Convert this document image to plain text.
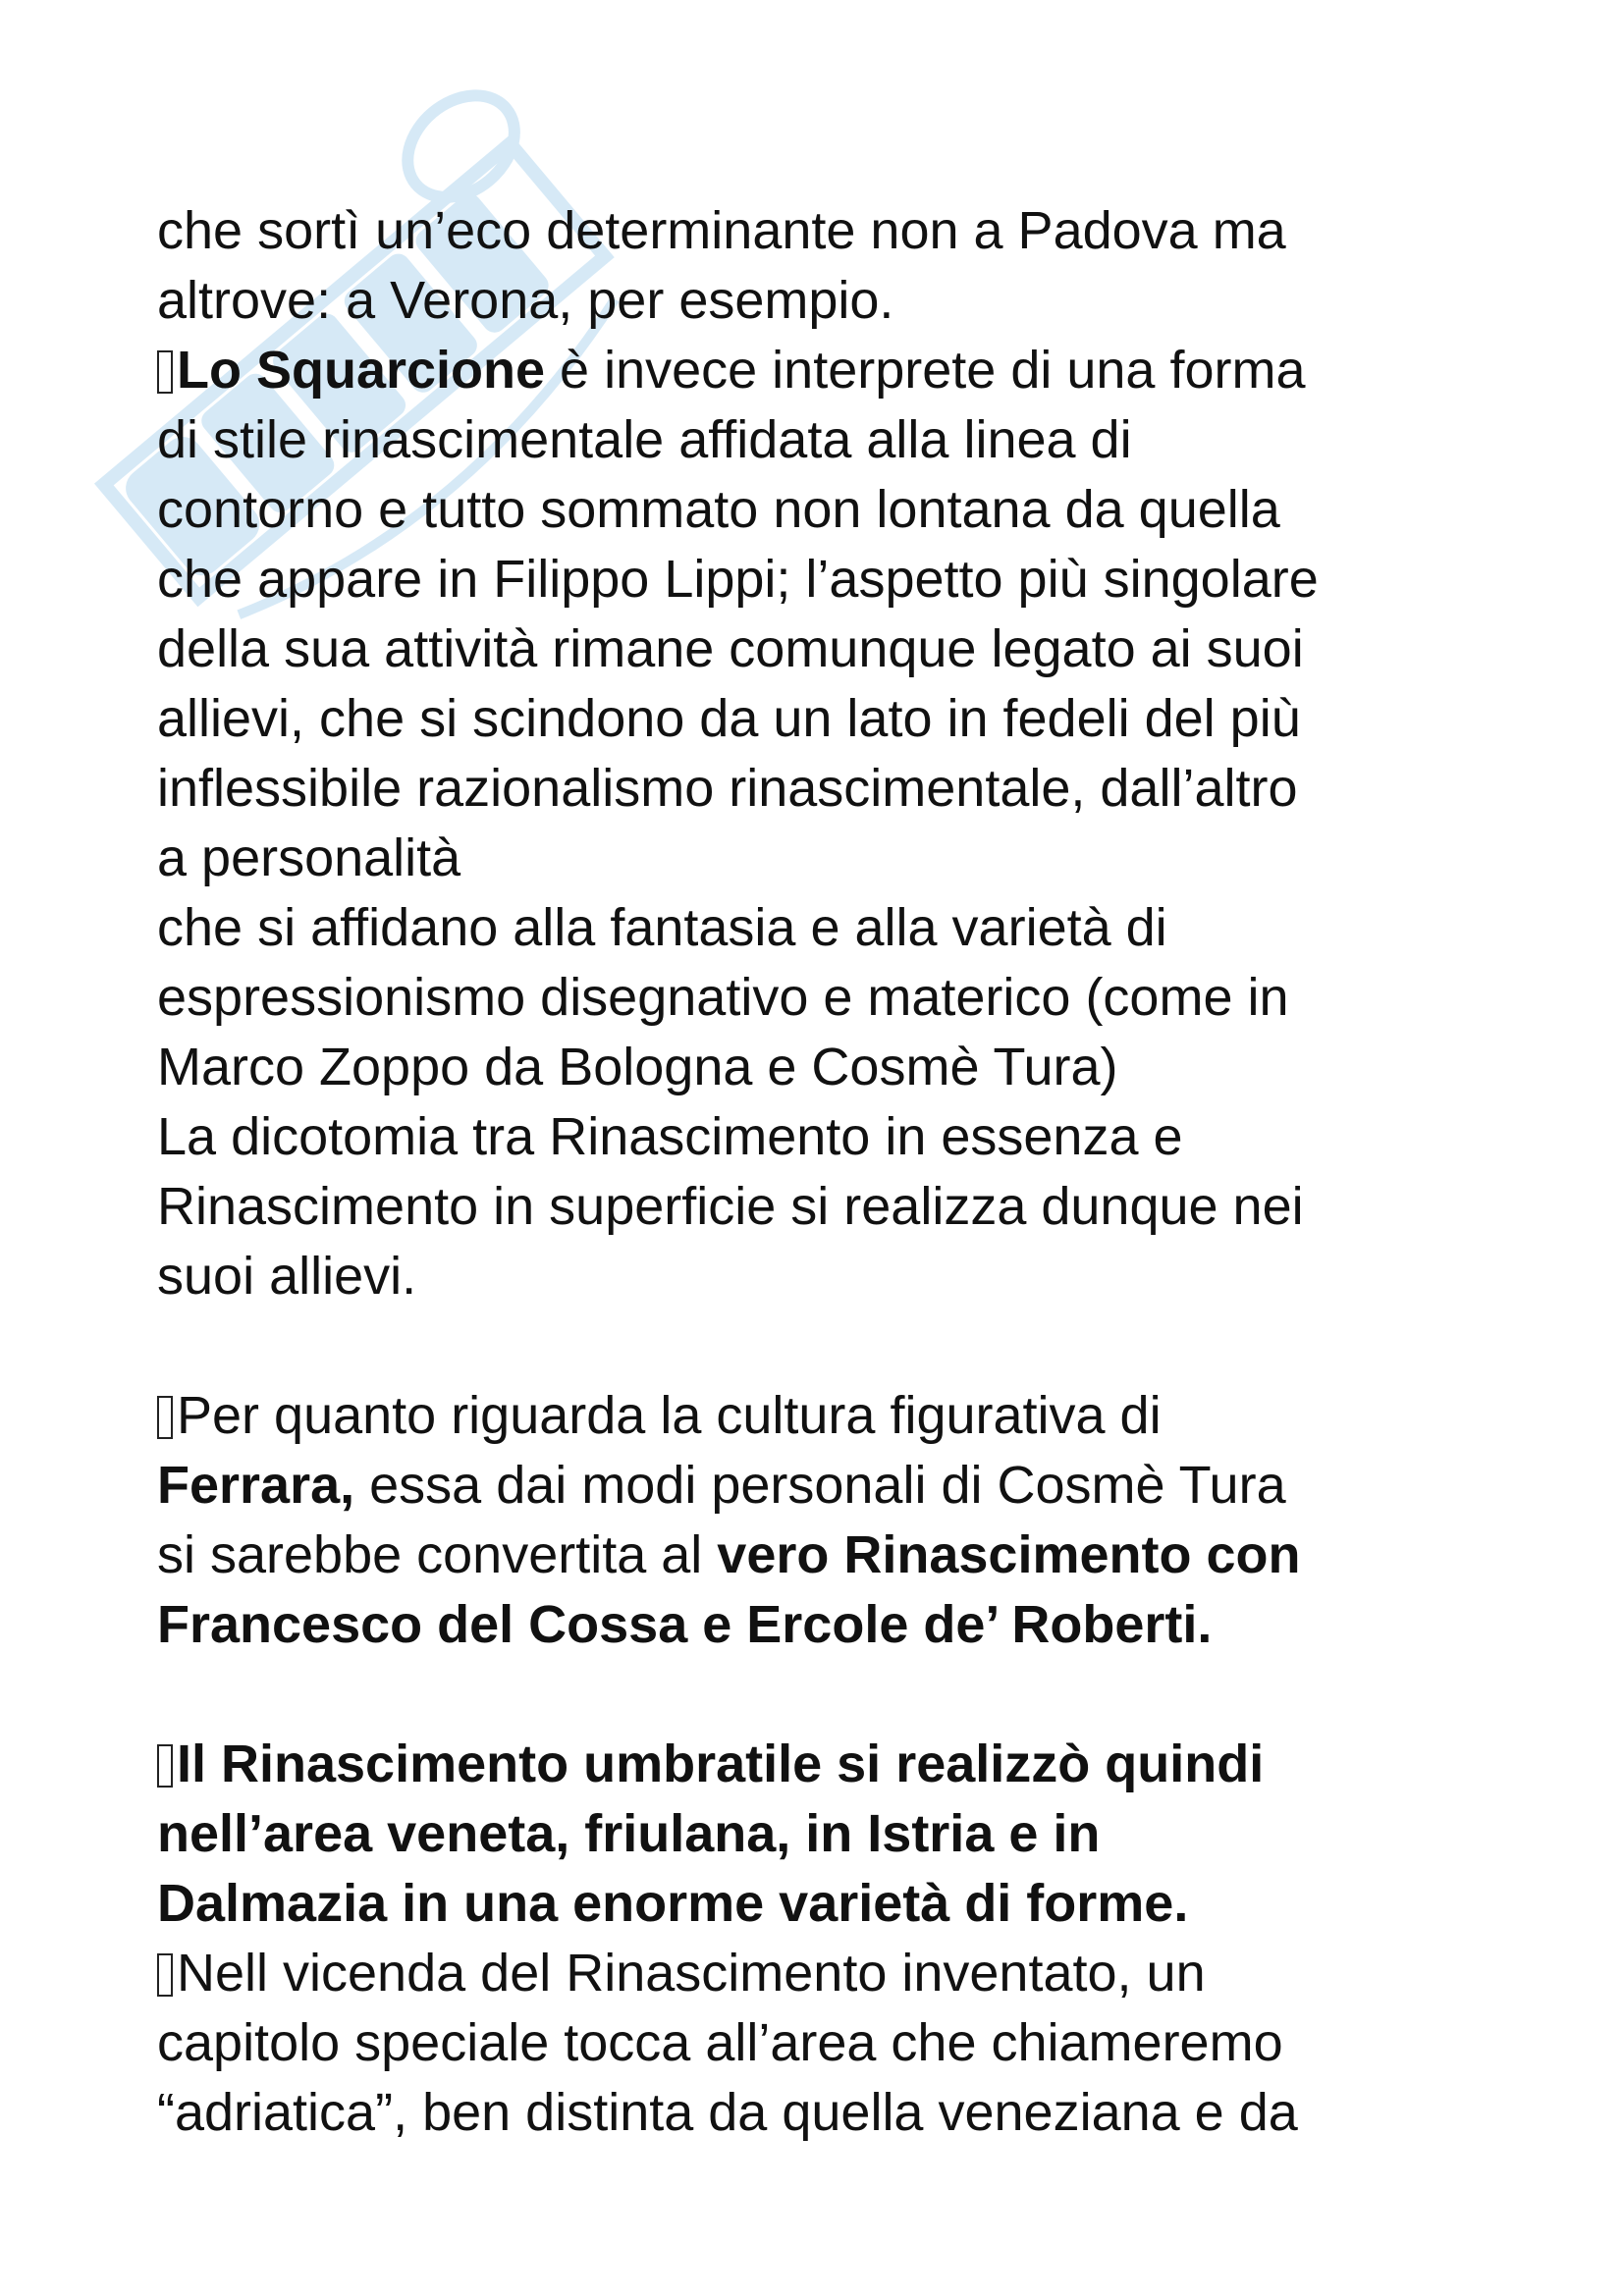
che sortì un’eco determinante non a Padova ma
altrove: a Verona, per esempio.

Lo Squarcione è invece interprete di una forma
di stile rinascimentale affidata alla linea di
contorno e tutto sommato non lontana da quella
che appare in Filippo Lippi; l’aspetto più singolare
della sua attività rimane comunque legato ai suoi
allievi, che si scindono da un lato in fedeli del più
inflessibile razionalismo rinascimentale, dall’altro
a personalità

che si affidano alla fantasia e alla varietà di
espressionismo disegnativo e materico (come in
Marco Zoppo da Bologna e Cosmè Tura)

La dicotomia tra Rinascimento in essenza e
Rinascimento in superficie si realizza dunque nei
suoi allievi.

Per quanto riguarda la cultura figurativa di
Ferrara, essa dai modi personali di Cosmè Tura
si sarebbe convertita al vero Rinascimento con
Francesco del Cossa e Ercole de’ Roberti.

Il Rinascimento umbratile si realizzò quindi
nell’area veneta, friulana, in Istria e in
Dalmazia in una enorme varietà di forme.

Nell vicenda del Rinascimento inventato, un
capitolo speciale tocca all’area che chiameremo
“adriatica”, ben distinta da quella veneziana e da
